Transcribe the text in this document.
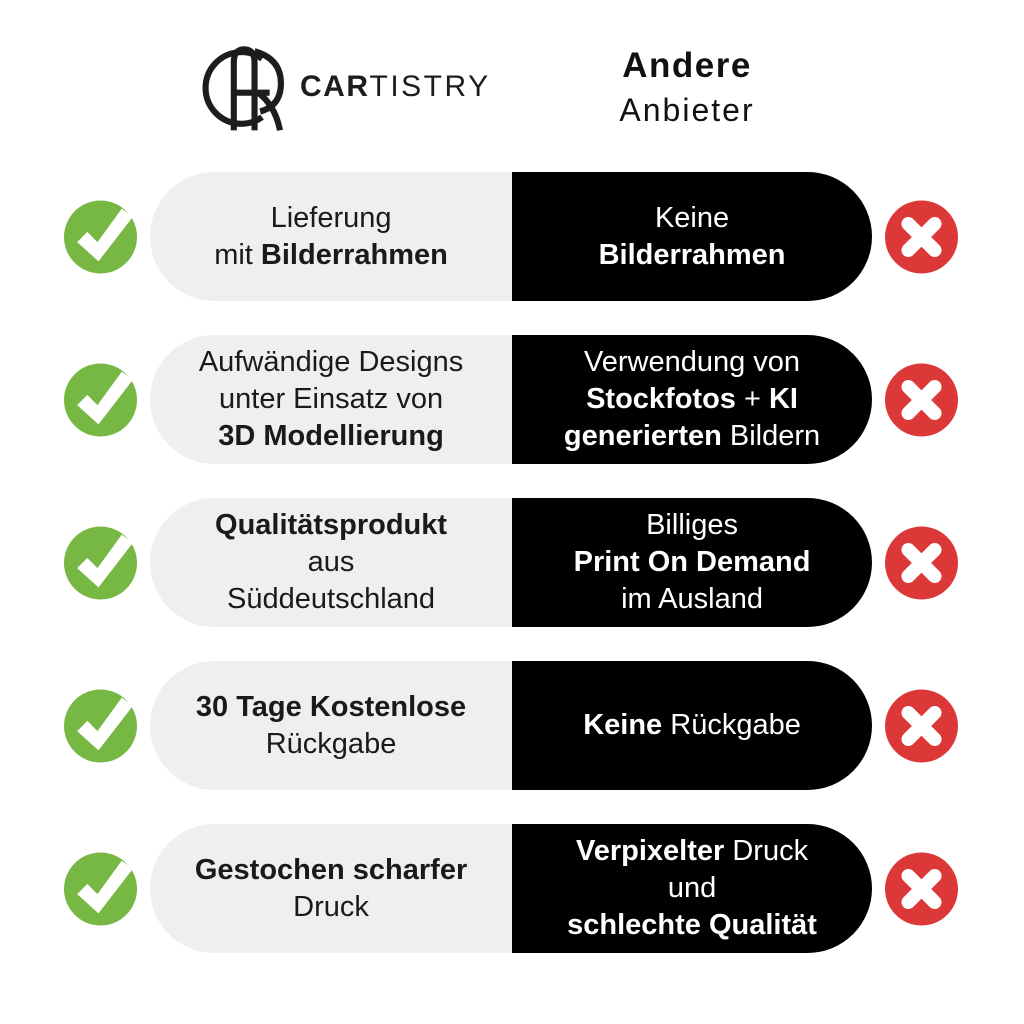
CARTISTRY
Andere
Anbieter
Lieferung
mit Bilderrahmen
Keine
Bilderrahmen
Aufwändige Designs
unter Einsatz von
3D Modellierung
Verwendung von
Stockfotos + KI
generierten Bildern
Qualitätsprodukt
aus
Süddeutschland
Billiges
Print On Demand
im Ausland
30 Tage Kostenlose
Rückgabe
Keine Rückgabe
Gestochen scharfer
Druck
Verpixelter Druck
und
schlechte Qualität
